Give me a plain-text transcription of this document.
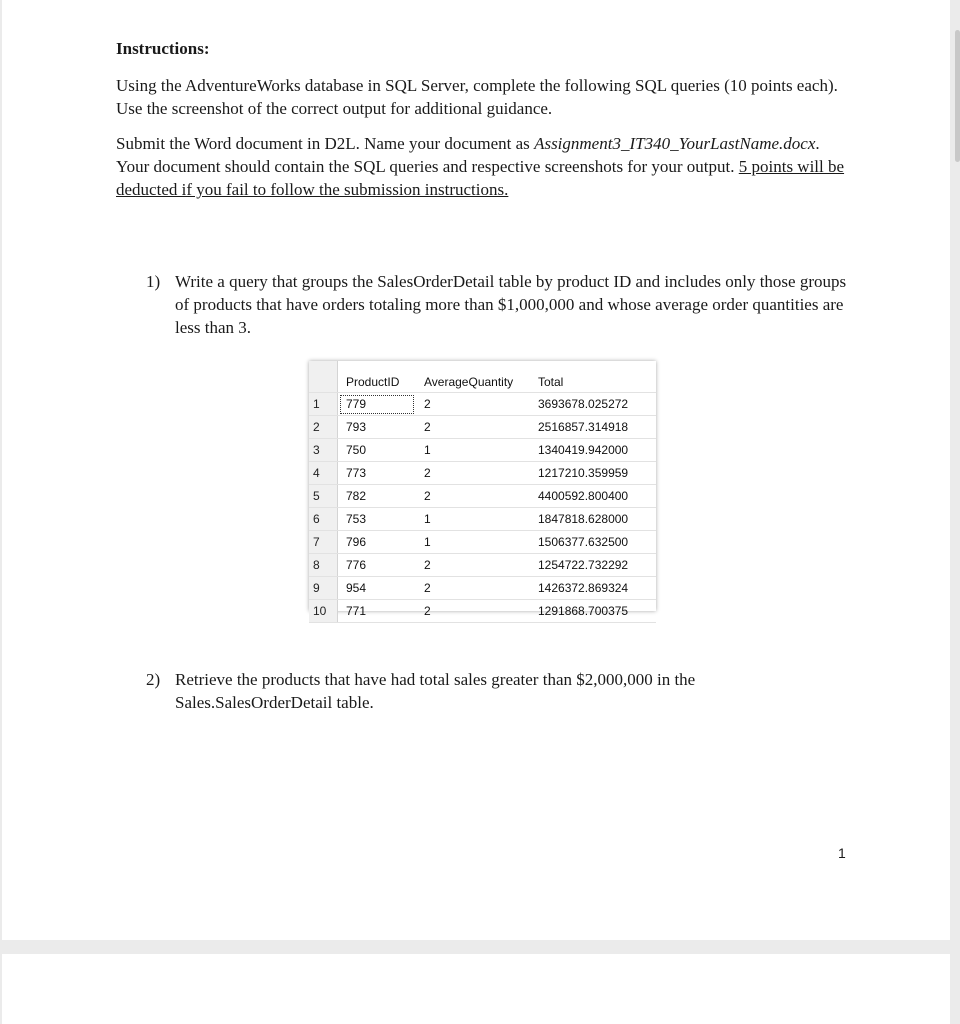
Instructions:

Using the AdventureWorks database in SQL Server, complete the following SQL queries (10 points each). Use the screenshot of the correct output for additional guidance.

Submit the Word document in D2L. Name your document as Assignment3_IT340_YourLastName.docx. Your document should contain the SQL queries and respective screenshots for your output. 5 points will be deducted if you fail to follow the submission instructions.

1) Write a query that groups the SalesOrderDetail table by product ID and includes only those groups of products that have orders totaling more than $1,000,000 and whose average order quantities are less than 3.

	ProductID	AverageQuantity	Total
1	779	2	3693678.025272
2	793	2	2516857.314918
3	750	1	1340419.942000
4	773	2	1217210.359959
5	782	2	4400592.800400
6	753	1	1847818.628000
7	796	1	1506377.632500
8	776	2	1254722.732292
9	954	2	1426372.869324
10	771	2	1291868.700375

2) Retrieve the products that have had total sales greater than $2,000,000 in the Sales.SalesOrderDetail table.

1
